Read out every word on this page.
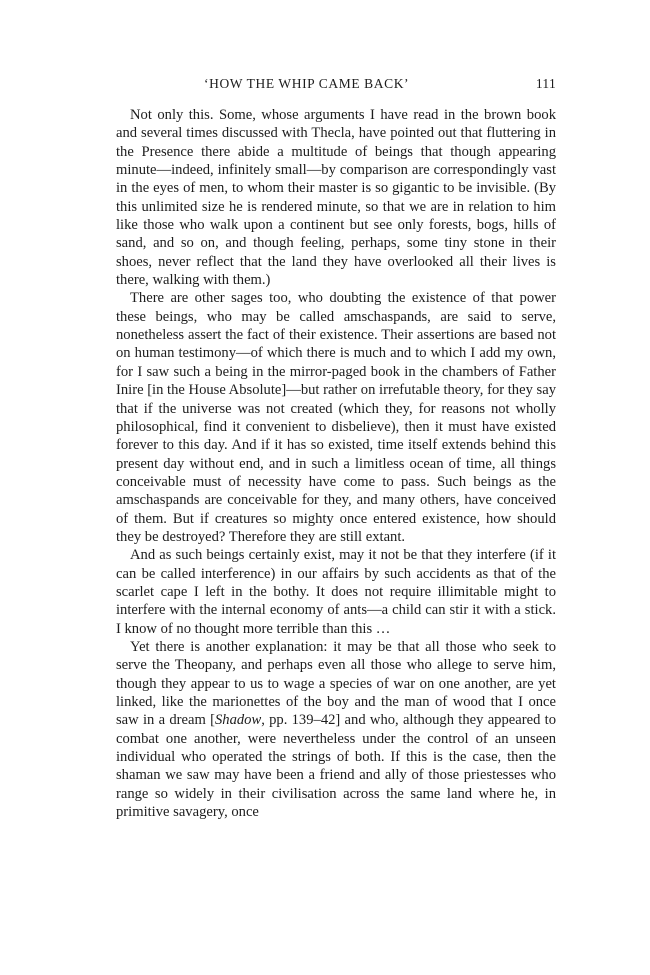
‘HOW THE WHIP CAME BACK’	111

Not only this. Some, whose arguments I have read in the brown book and several times discussed with Thecla, have pointed out that fluttering in the Presence there abide a multitude of beings that though appearing minute—indeed, infinitely small—by comparison are correspondingly vast in the eyes of men, to whom their master is so gigantic to be invisible. (By this unlimited size he is rendered minute, so that we are in relation to him like those who walk upon a continent but see only forests, bogs, hills of sand, and so on, and though feeling, perhaps, some tiny stone in their shoes, never reflect that the land they have overlooked all their lives is there, walking with them.)

There are other sages too, who doubting the existence of that power these beings, who may be called amschaspands, are said to serve, nonetheless assert the fact of their existence. Their assertions are based not on human testimony—of which there is much and to which I add my own, for I saw such a being in the mirror-paged book in the chambers of Father Inire [in the House Absolute]—but rather on irrefutable theory, for they say that if the universe was not created (which they, for reasons not wholly philosophical, find it convenient to disbelieve), then it must have existed forever to this day. And if it has so existed, time itself extends behind this present day without end, and in such a limitless ocean of time, all things conceivable must of necessity have come to pass. Such beings as the amschaspands are conceivable for they, and many others, have conceived of them. But if creatures so mighty once entered existence, how should they be destroyed? Therefore they are still extant.

And as such beings certainly exist, may it not be that they interfere (if it can be called interference) in our affairs by such accidents as that of the scarlet cape I left in the bothy. It does not require illimitable might to interfere with the internal economy of ants—a child can stir it with a stick. I know of no thought more terrible than this …

Yet there is another explanation: it may be that all those who seek to serve the Theopany, and perhaps even all those who allege to serve him, though they appear to us to wage a species of war on one another, are yet linked, like the marionettes of the boy and the man of wood that I once saw in a dream [Shadow, pp. 139–42] and who, although they appeared to combat one another, were nevertheless under the control of an unseen individual who operated the strings of both. If this is the case, then the shaman we saw may have been a friend and ally of those priestesses who range so widely in their civilisation across the same land where he, in primitive savagery, once
